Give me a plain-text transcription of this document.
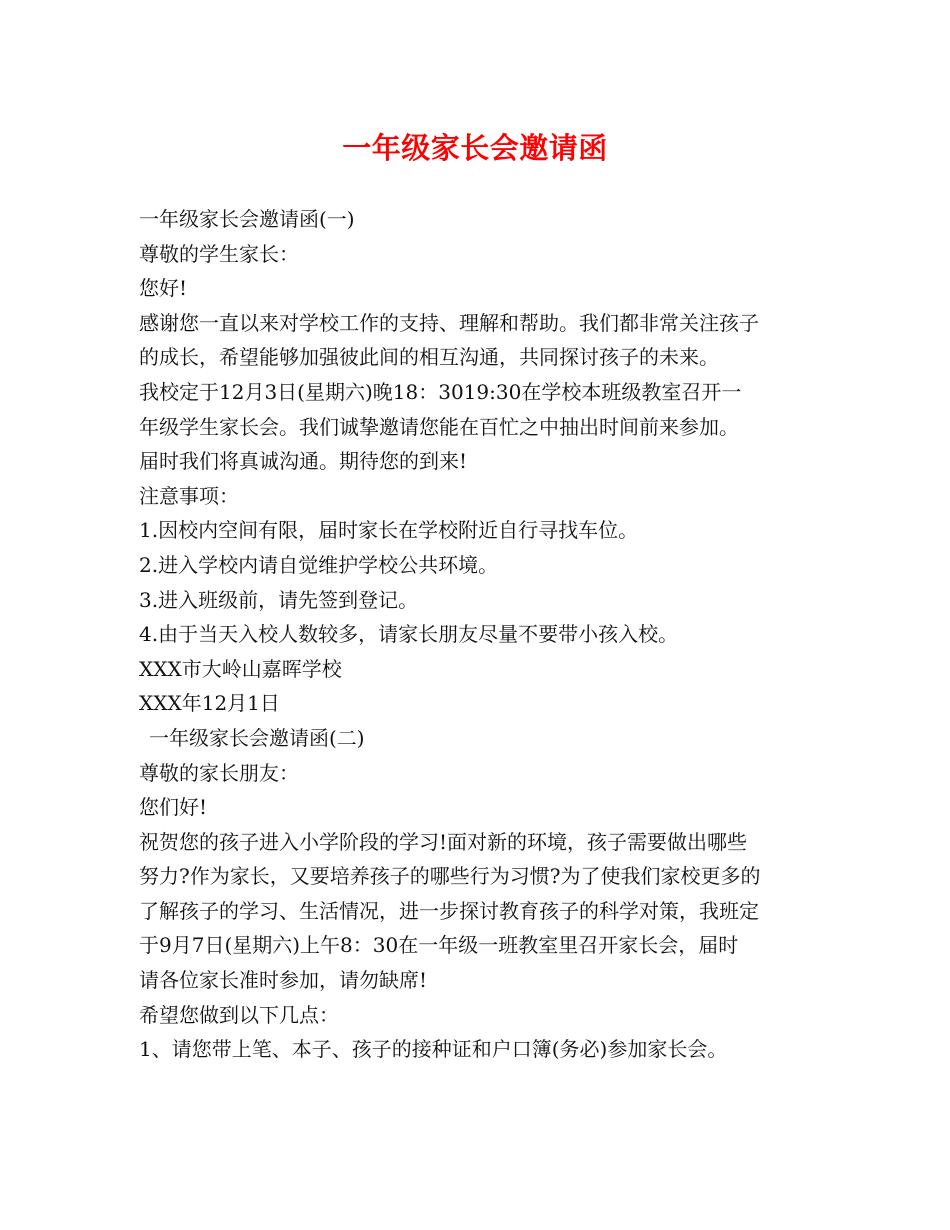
一年级家长会邀请函

一年级家长会邀请函(一)

尊敬的学生家长：

您好!

感谢您一直以来对学校工作的支持、理解和帮助。我们都非常关注孩子

的成长，希望能够加强彼此间的相互沟通，共同探讨孩子的未来。

我校定于12月3日(星期六)晚18：3019:30在学校本班级教室召开一

年级学生家长会。我们诚挚邀请您能在百忙之中抽出时间前来参加。

届时我们将真诚沟通。期待您的到来!

注意事项：

1.因校内空间有限，届时家长在学校附近自行寻找车位。

2.进入学校内请自觉维护学校公共环境。

3.进入班级前，请先签到登记。

4.由于当天入校人数较多，请家长朋友尽量不要带小孩入校。

XXX市大岭山嘉晖学校

XXX年12月1日

一年级家长会邀请函(二)

尊敬的家长朋友：

您们好!

祝贺您的孩子进入小学阶段的学习!面对新的环境，孩子需要做出哪些

努力?作为家长，又要培养孩子的哪些行为习惯?为了使我们家校更多的

了解孩子的学习、生活情况，进一步探讨教育孩子的科学对策，我班定

于9月7日(星期六)上午8：30在一年级一班教室里召开家长会，届时

请各位家长准时参加，请勿缺席!

希望您做到以下几点：

1、请您带上笔、本子、孩子的接种证和户口簿(务必)参加家长会。
